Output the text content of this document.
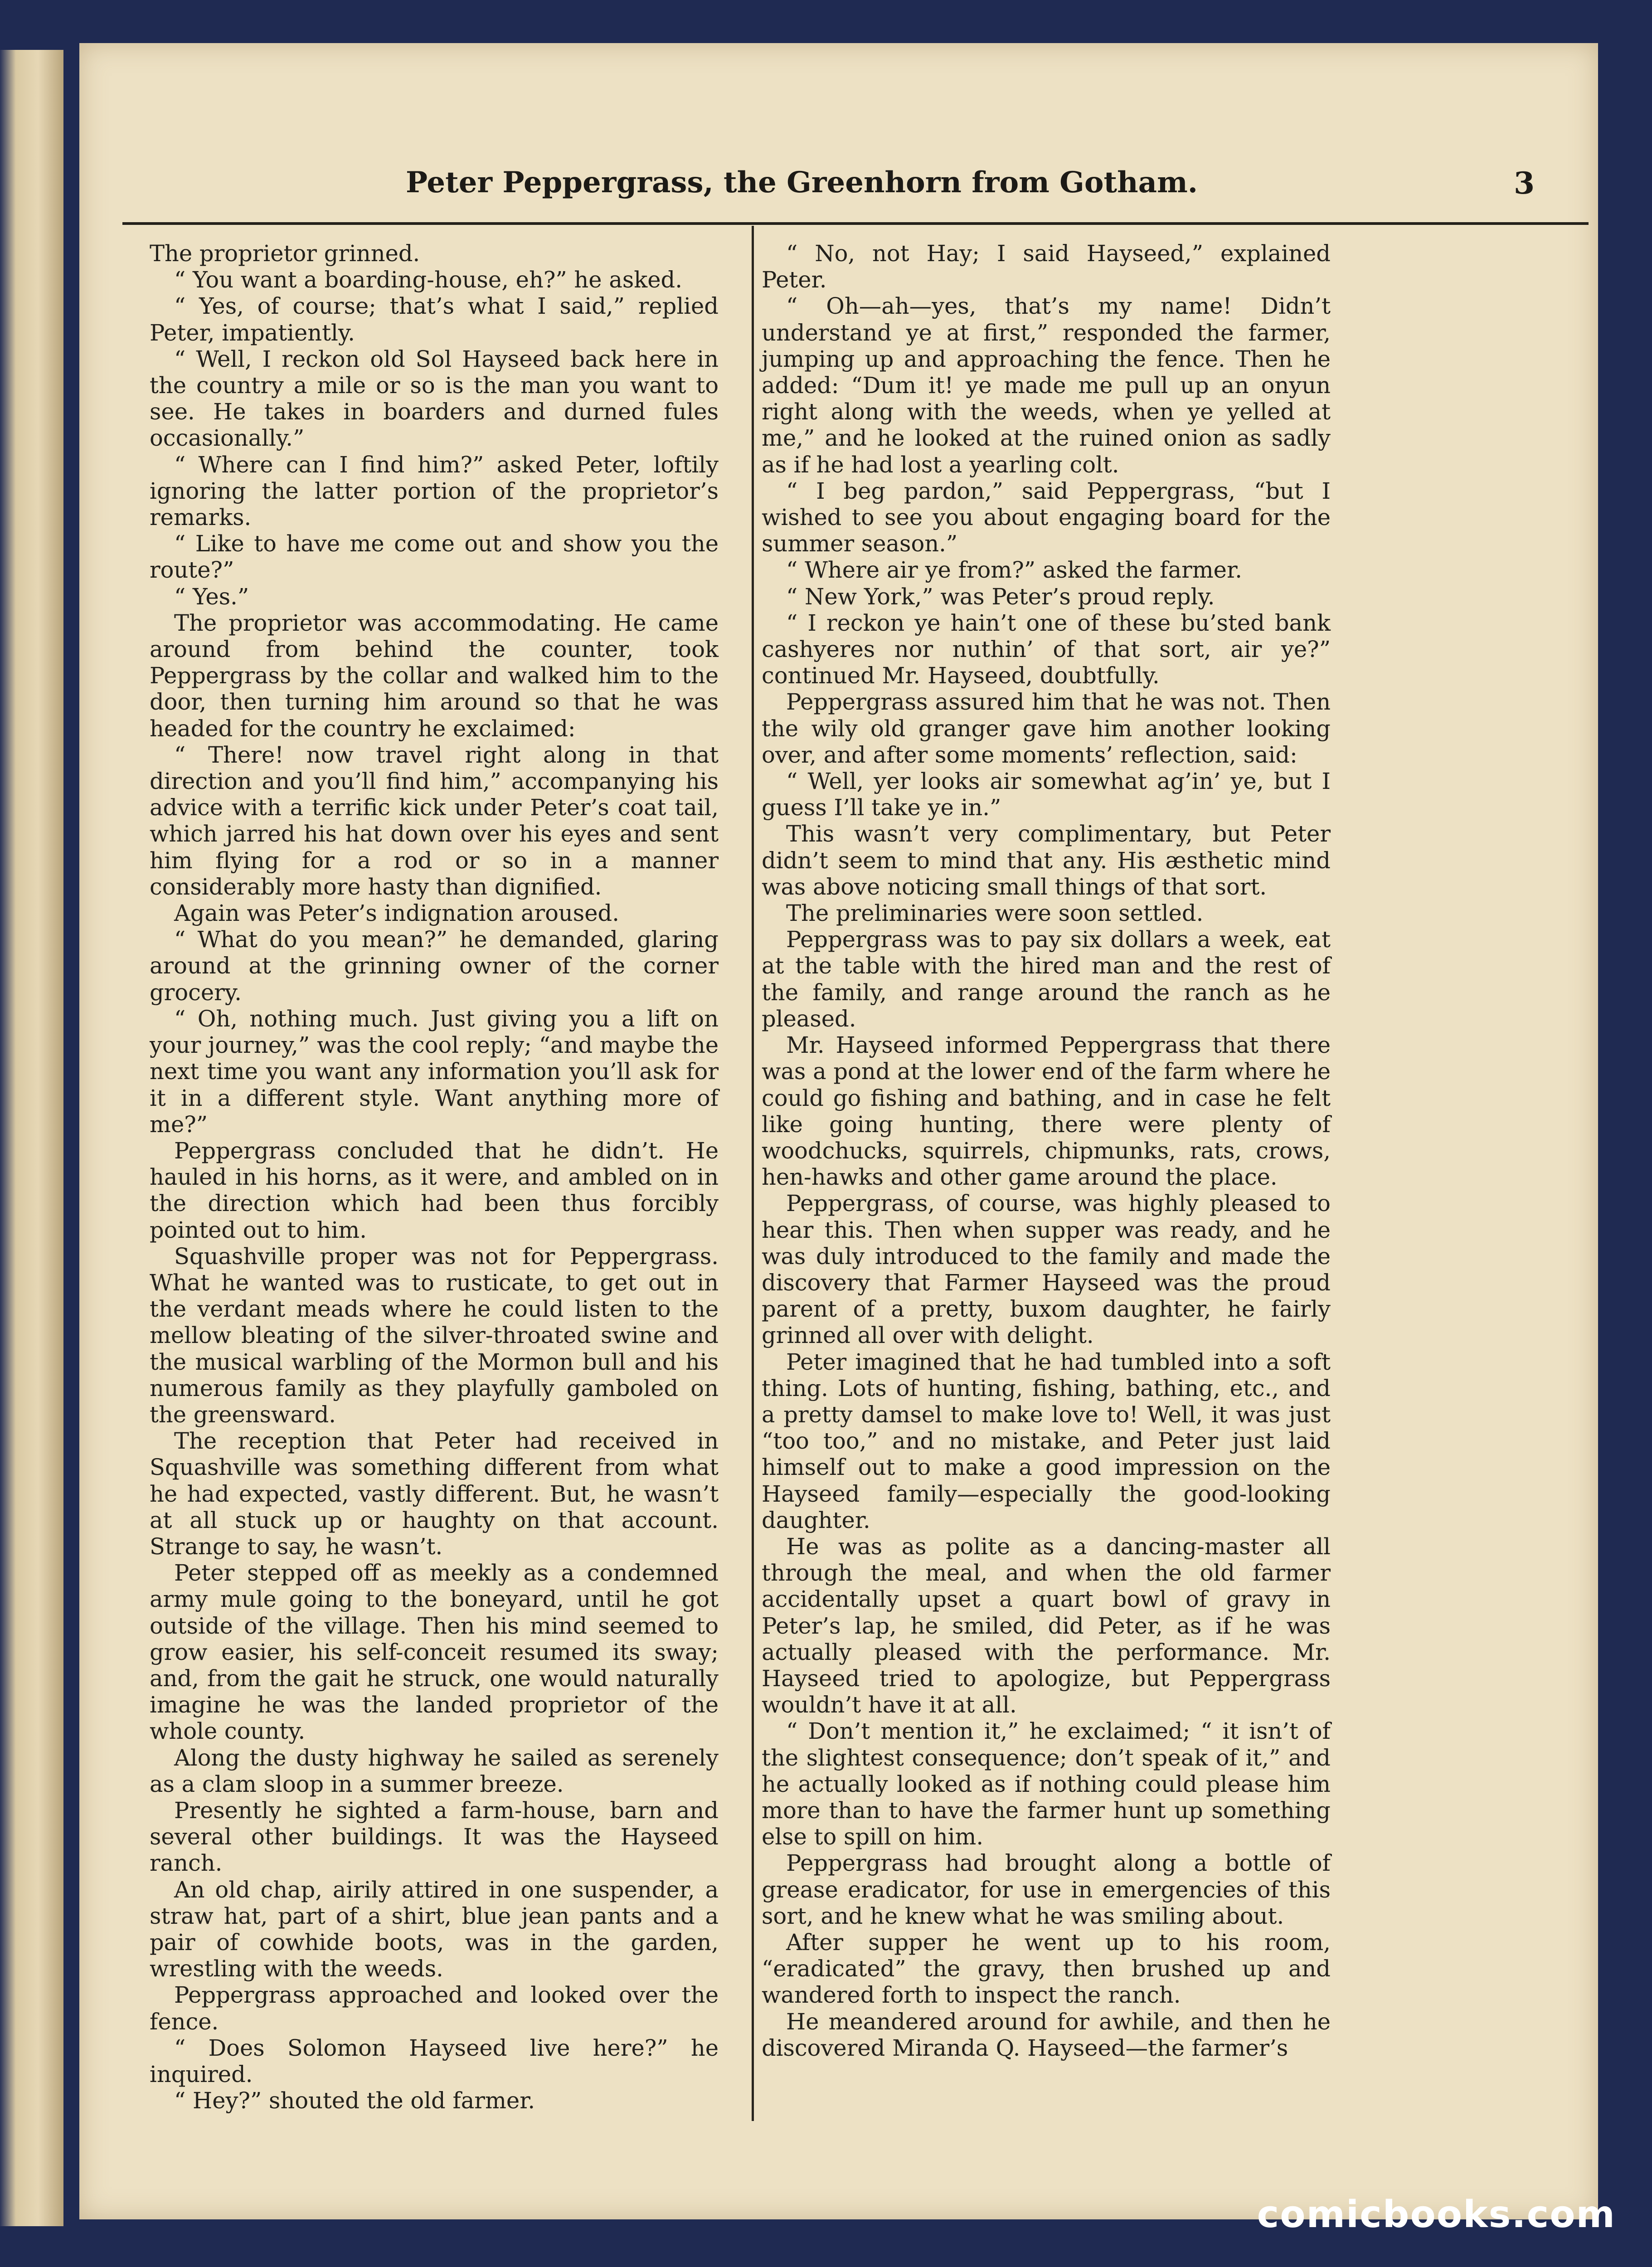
Peter Peppergrass, the Greenhorn from Gotham.	3

The proprietor grinned.

“ You want a boarding-house, eh?” he asked.

“ Yes, of course; that’s what I said,” replied Peter, impatiently.

“ Well, I reckon old Sol Hayseed back here in the country a mile or so is the man you want to see. He takes in boarders and durned fules occasionally.”

“ Where can I find him?” asked Peter, loftily ignoring the latter portion of the proprietor’s remarks.

“ Like to have me come out and show you the route?”

“ Yes.”

The proprietor was accommodating. He came around from behind the counter, took Peppergrass by the collar and walked him to the door, then turning him around so that he was headed for the country he exclaimed:

“ There! now travel right along in that direction and you’ll find him,” accompanying his advice with a terrific kick under Peter’s coat tail, which jarred his hat down over his eyes and sent him flying for a rod or so in a manner considerably more hasty than dignified.

Again was Peter’s indignation aroused.

“ What do you mean?” he demanded, glaring around at the grinning owner of the corner grocery.

“ Oh, nothing much. Just giving you a lift on your journey,” was the cool reply; “and maybe the next time you want any information you’ll ask for it in a different style. Want anything more of me?”

Peppergrass concluded that he didn’t. He hauled in his horns, as it were, and ambled on in the direction which had been thus forcibly pointed out to him.

Squashville proper was not for Peppergrass. What he wanted was to rusticate, to get out in the verdant meads where he could listen to the mellow bleating of the silver-throated swine and the musical warbling of the Mormon bull and his numerous family as they playfully gamboled on the greensward.

The reception that Peter had received in Squashville was something different from what he had expected, vastly different. But, he wasn’t at all stuck up or haughty on that account. Strange to say, he wasn’t.

Peter stepped off as meekly as a condemned army mule going to the boneyard, until he got outside of the village. Then his mind seemed to grow easier, his self-conceit resumed its sway; and, from the gait he struck, one would naturally imagine he was the landed proprietor of the whole county.

Along the dusty highway he sailed as serenely as a clam sloop in a summer breeze.

Presently he sighted a farm-house, barn and several other buildings. It was the Hayseed ranch.

An old chap, airily attired in one suspender, a straw hat, part of a shirt, blue jean pants and a pair of cowhide boots, was in the garden, wrestling with the weeds.

Peppergrass approached and looked over the fence.

“ Does Solomon Hayseed live here?” he inquired.

“ Hey?” shouted the old farmer.

“ No, not Hay; I said Hayseed,” explained Peter.

“ Oh—ah—yes, that’s my name! Didn’t understand ye at first,” responded the farmer, jumping up and approaching the fence. Then he added: “Dum it! ye made me pull up an onyun right along with the weeds, when ye yelled at me,” and he looked at the ruined onion as sadly as if he had lost a yearling colt.

“ I beg pardon,” said Peppergrass, “but I wished to see you about engaging board for the summer season.”

“ Where air ye from?” asked the farmer.

“ New York,” was Peter’s proud reply.

“ I reckon ye hain’t one of these bu’sted bank cashyeres nor nuthin’ of that sort, air ye?” continued Mr. Hayseed, doubtfully.

Peppergrass assured him that he was not. Then the wily old granger gave him another looking over, and after some moments’ reflection, said:

“ Well, yer looks air somewhat ag’in’ ye, but I guess I’ll take ye in.”

This wasn’t very complimentary, but Peter didn’t seem to mind that any. His æsthetic mind was above noticing small things of that sort.

The preliminaries were soon settled.

Peppergrass was to pay six dollars a week, eat at the table with the hired man and the rest of the family, and range around the ranch as he pleased.

Mr. Hayseed informed Peppergrass that there was a pond at the lower end of the farm where he could go fishing and bathing, and in case he felt like going hunting, there were plenty of woodchucks, squirrels, chipmunks, rats, crows, hen-hawks and other game around the place.

Peppergrass, of course, was highly pleased to hear this. Then when supper was ready, and he was duly introduced to the family and made the discovery that Farmer Hayseed was the proud parent of a pretty, buxom daughter, he fairly grinned all over with delight.

Peter imagined that he had tumbled into a soft thing. Lots of hunting, fishing, bathing, etc., and a pretty damsel to make love to! Well, it was just “too too,” and no mistake, and Peter just laid himself out to make a good impression on the Hayseed family—especially the good-looking daughter.

He was as polite as a dancing-master all through the meal, and when the old farmer accidentally upset a quart bowl of gravy in Peter’s lap, he smiled, did Peter, as if he was actually pleased with the performance. Mr. Hayseed tried to apologize, but Peppergrass wouldn’t have it at all.

“ Don’t mention it,” he exclaimed; “ it isn’t of the slightest consequence; don’t speak of it,” and he actually looked as if nothing could please him more than to have the farmer hunt up something else to spill on him.

Peppergrass had brought along a bottle of grease eradicator, for use in emergencies of this sort, and he knew what he was smiling about.

After supper he went up to his room, “eradicated” the gravy, then brushed up and wandered forth to inspect the ranch.

He meandered around for awhile, and then he discovered Miranda Q. Hayseed—the farmer’s

comicbooks.com
